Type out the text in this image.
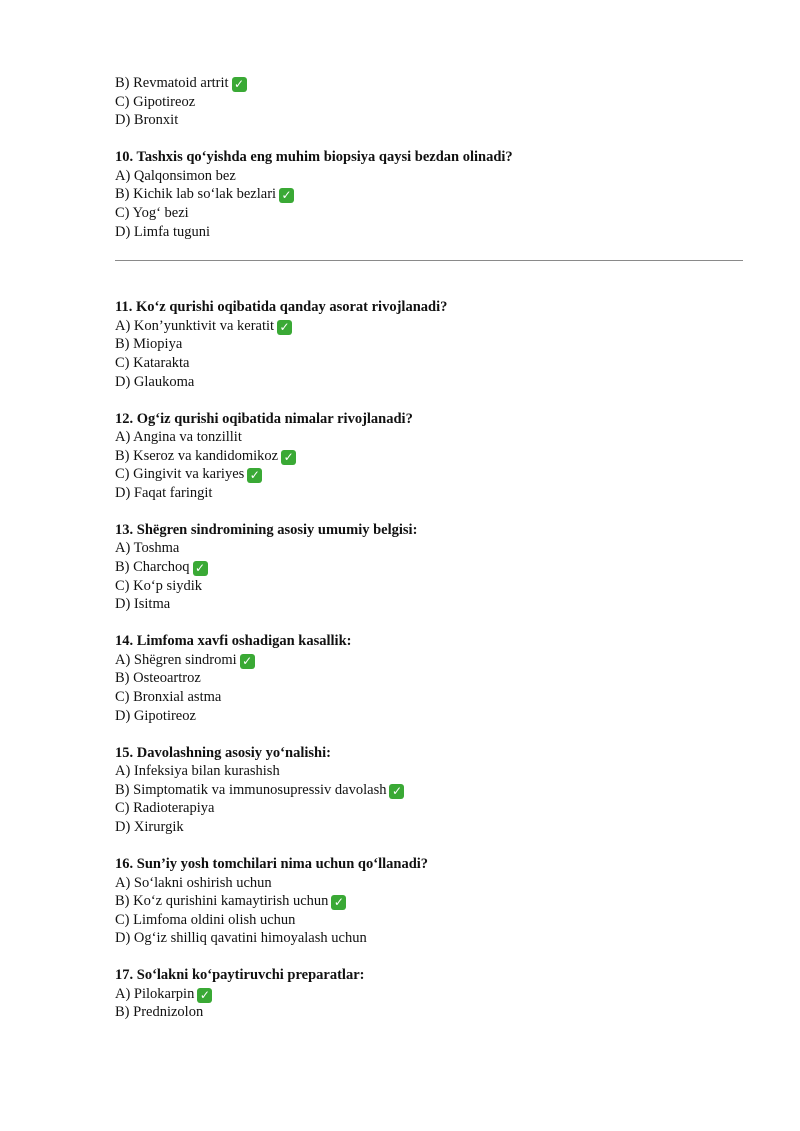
B) Revmatoid artrit ✓
C) Gipotireoz
D) Bronxit
10. Tashxis qo‘yishda eng muhim biopsiya qaysi bezdan olinadi?
A) Qalqonsimon bez
B) Kichik lab so‘lak bezlari ✓
C) Yog‘ bezi
D) Limfa tuguni
11. Ko‘z qurishi oqibatida qanday asorat rivojlanadi?
A) Kon’yunktivit va keratit ✓
B) Miopiya
C) Katarakta
D) Glaukoma
12. Og‘iz qurishi oqibatida nimalar rivojlanadi?
A) Angina va tonzillit
B) Kseroz va kandidomikoz ✓
C) Gingivit va kariyes ✓
D) Faqat faringit
13. Shëgren sindromining asosiy umumiy belgisi:
A) Toshma
B) Charchoq ✓
C) Ko‘p siydik
D) Isitma
14. Limfoma xavfi oshadigan kasallik:
A) Shëgren sindromi ✓
B) Osteoartroz
C) Bronxial astma
D) Gipotireoz
15. Davolashning asosiy yo‘nalishi:
A) Infeksiya bilan kurashish
B) Simptomatik va immunosupressiv davolash ✓
C) Radioterapiya
D) Xirurgik
16. Sun’iy yosh tomchilari nima uchun qo‘llanadi?
A) So‘lakni oshirish uchun
B) Ko‘z qurishini kamaytirish uchun ✓
C) Limfoma oldini olish uchun
D) Og‘iz shilliq qavatini himoyalash uchun
17. So‘lakni ko‘paytiruvchi preparatlar:
A) Pilokarpin ✓
B) Prednizolon
